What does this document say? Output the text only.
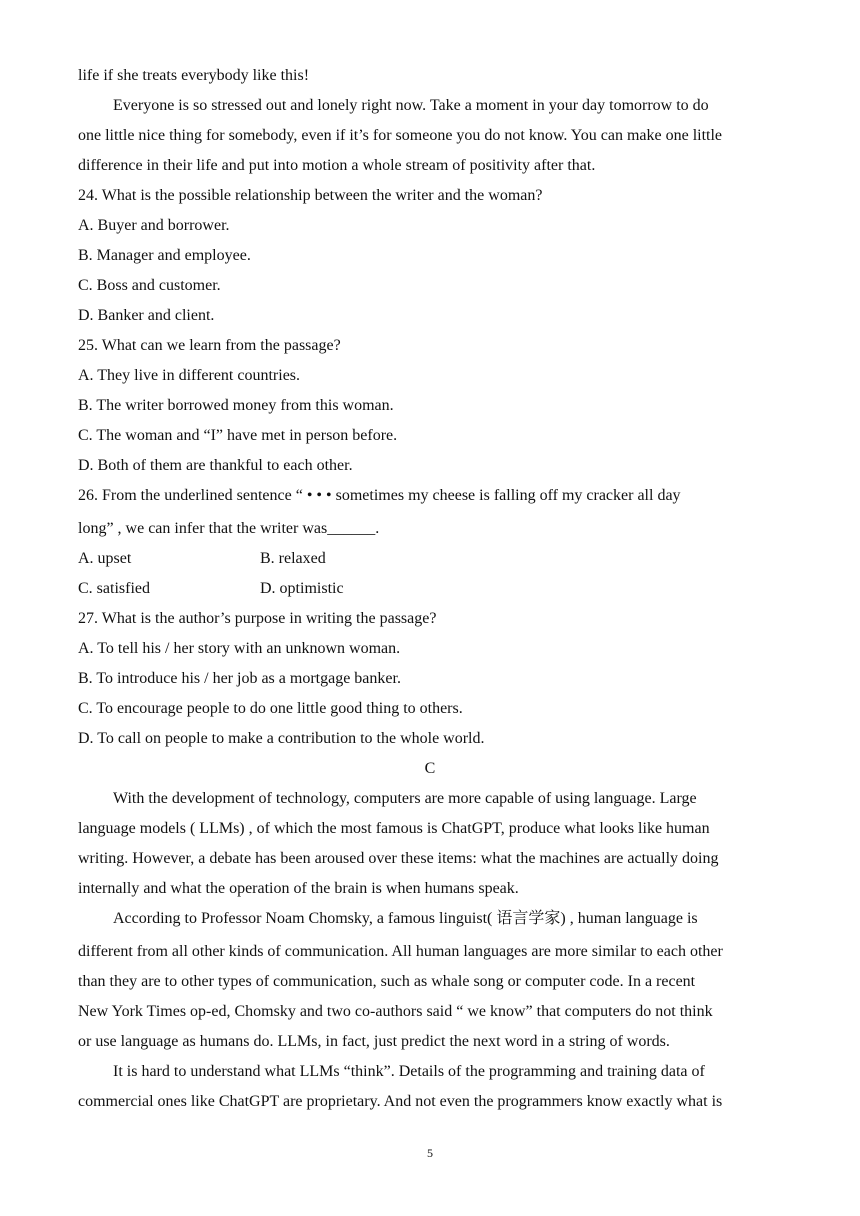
life if she treats everybody like this!
Everyone is so stressed out and lonely right now. Take a moment in your day tomorrow to do
one little nice thing for somebody, even if it’s for someone you do not know. You can make one little
difference in their life and put into motion a whole stream of positivity after that.
24. What is the possible relationship between the writer and the woman?
A. Buyer and borrower.
B. Manager and employee.
C. Boss and customer.
D. Banker and client.
25. What can we learn from the passage?
A. They live in different countries.
B. The writer borrowed money from this woman.
C. The woman and “I” have met in person before.
D. Both of them are thankful to each other.
26. From the underlined sentence “ • • • sometimes my cheese is falling off my cracker all day
long” , we can infer that the writer was______.
A. upset	B. relaxed
C. satisfied	D. optimistic
27. What is the author’s purpose in writing the passage?
A. To tell his / her story with an unknown woman.
B. To introduce his / her job as a mortgage banker.
C. To encourage people to do one little good thing to others.
D. To call on people to make a contribution to the whole world.
C
With the development of technology, computers are more capable of using language. Large
language models ( LLMs) , of which the most famous is ChatGPT, produce what looks like human
writing. However, a debate has been aroused over these items: what the machines are actually doing
internally and what the operation of the brain is when humans speak.
According to Professor Noam Chomsky, a famous linguist( 语言学家) , human language is
different from all other kinds of communication. All human languages are more similar to each other
than they are to other types of communication, such as whale song or computer code. In a recent
New York Times op-ed, Chomsky and two co-authors said “ we know” that computers do not think
or use language as humans do. LLMs, in fact, just predict the next word in a string of words.
It is hard to understand what LLMs “think”. Details of the programming and training data of
commercial ones like ChatGPT are proprietary. And not even the programmers know exactly what is
5
